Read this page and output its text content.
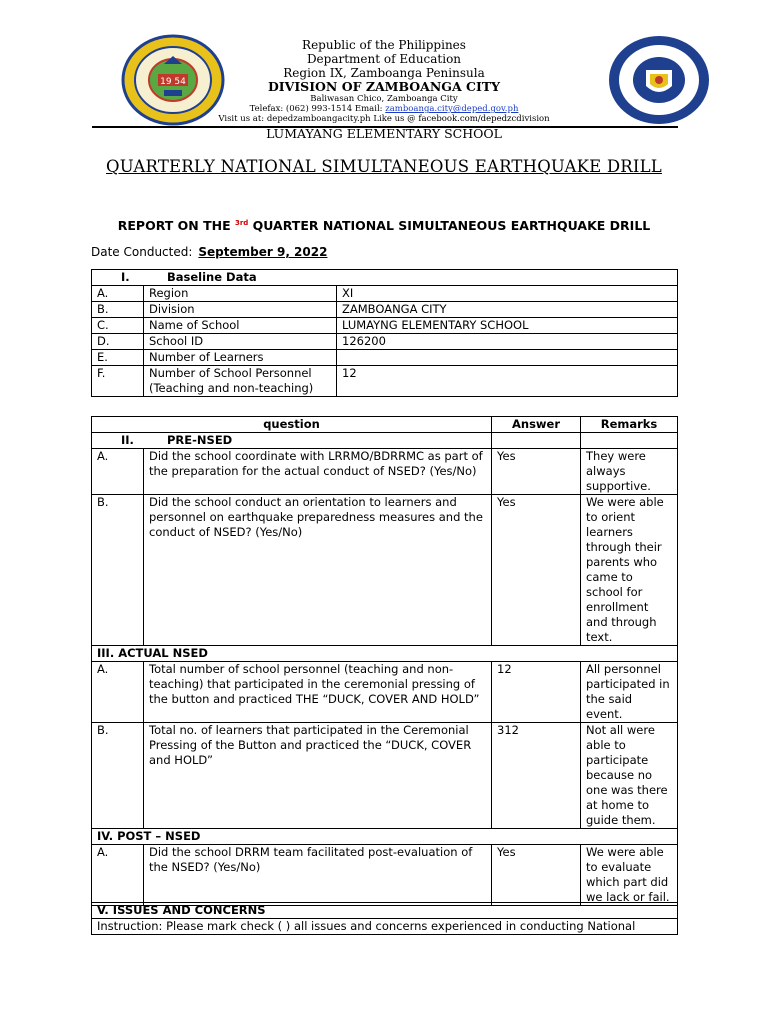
19 54
Republic of the Philippines
Department of Education
Region IX, Zamboanga Peninsula
DIVISION OF ZAMBOANGA CITY
Baliwasan Chico, Zamboanga City
Telefax: (062) 993-1514 Email: zamboanga.city@deped.gov.ph
Visit us at: depedzamboangacity.ph Like us @ facebook.com/depedzcdivision
LUMAYANG ELEMENTARY SCHOOL
QUARTERLY NATIONAL SIMULTANEOUS EARTHQUAKE DRILL
REPORT ON THE $^{3rd}$ QUARTER NATIONAL SIMULTANEOUS EARTHQUAKE DRILL
Date Conducted: September 9, 2022
I. Baseline Data		
A.	Region	XI
B.	Division	ZAMBOANGA CITY
C.	Name of School	LUMAYNG ELEMENTARY SCHOOL
D.	School ID	126200
E.	Number of Learners	
F.	Number of School Personnel (Teaching and non-teaching)	12
question		Answer	Remarks
II. PRE-NSED			
A.	Did the school coordinate with LRRMO/BDRRMC as part of the preparation for the actual conduct of NSED? (Yes/No)	Yes	They were always supportive.
B.	Did the school conduct an orientation to learners and personnel on earthquake preparedness measures and the conduct of NSED? (Yes/No)	Yes	We were able to orient learners through their parents who came to school for enrollment and through text.
III. ACTUAL NSED			
A.	Total number of school personnel (teaching and non-teaching) that participated in the ceremonial pressing of the button and practiced THE “DUCK, COVER AND HOLD”	12	All personnel participated in the said event.
B.	Total no. of learners that participated in the Ceremonial Pressing of the Button and practiced the “DUCK, COVER and HOLD”	312	Not all were able to participate because no one was there at home to guide them.
IV. POST – NSED			
A.	Did the school DRRM team facilitated post-evaluation of the NSED? (Yes/No)	Yes	We were able to evaluate which part did we lack or fail.
V. ISSUES AND CONCERNS
Instruction: Please mark check ( ) all issues and concerns experienced in conducting National
